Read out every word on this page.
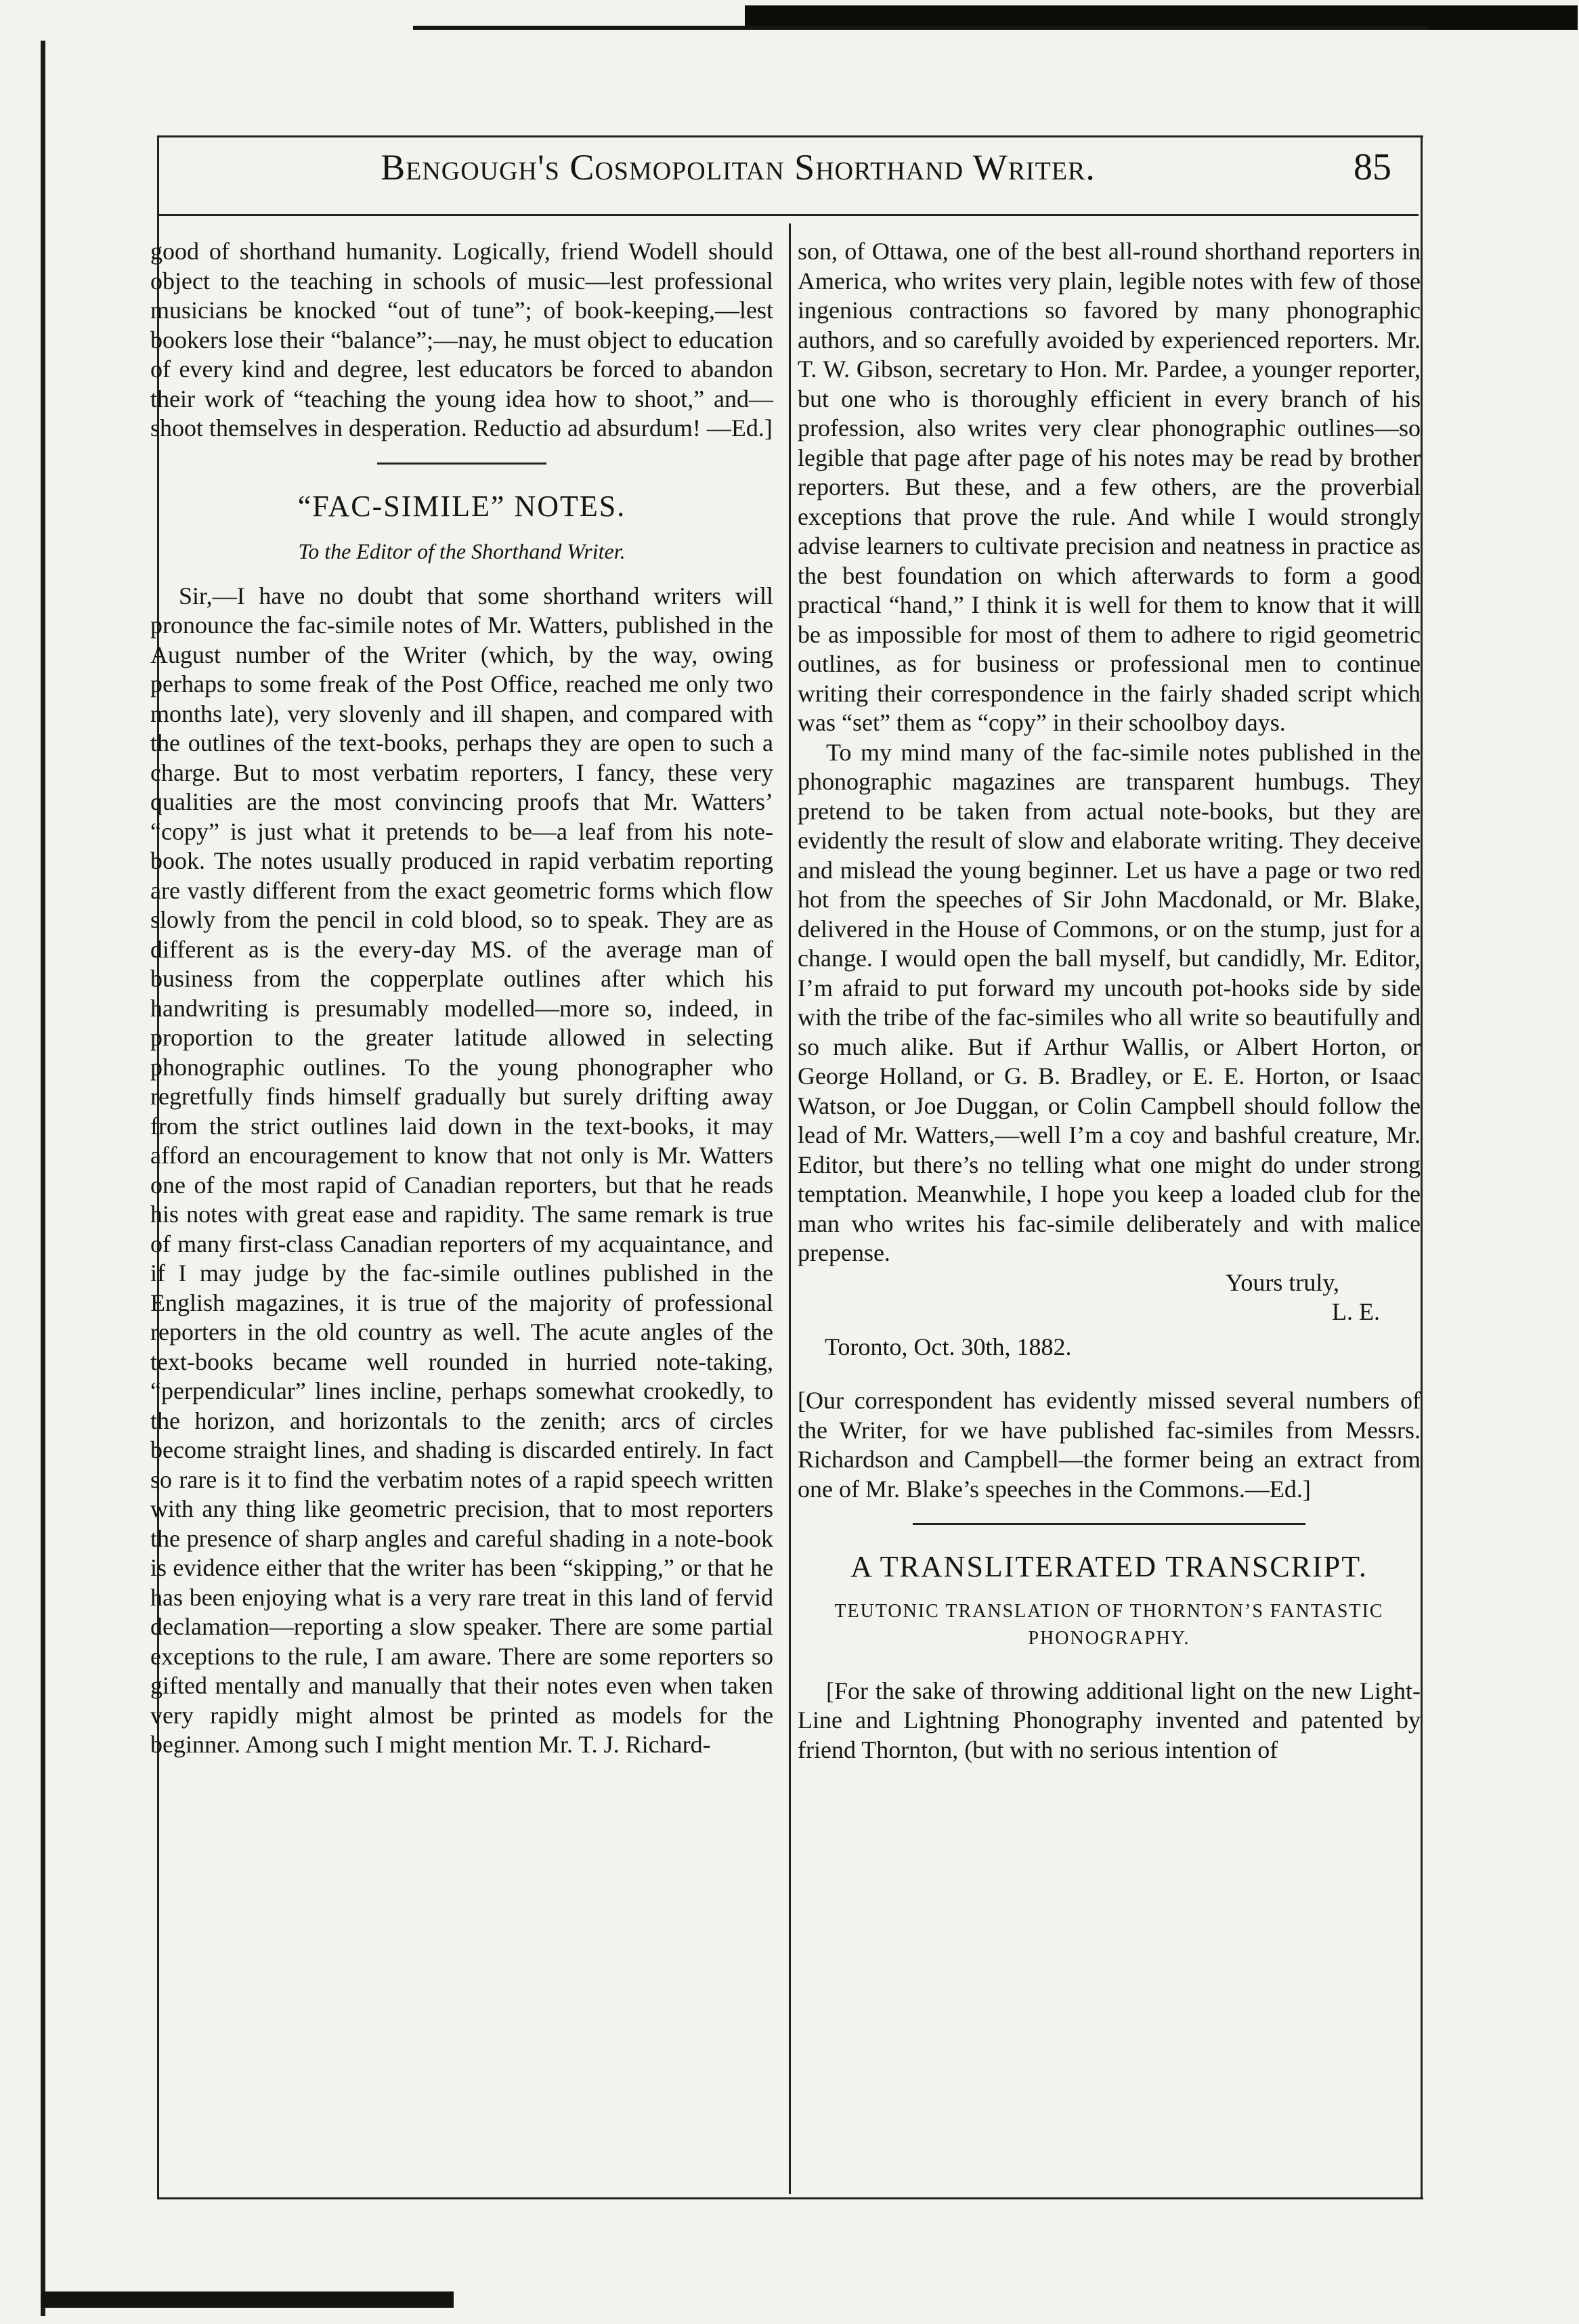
Bengough's Cosmopolitan Shorthand Writer.	85

good of shorthand humanity. Logically, friend Wodell should object to the teaching in schools of music—lest professional musicians be knocked “out of tune”; of book-keeping,—lest bookers lose their “balance”;—nay, he must object to education of every kind and degree, lest educators be forced to abandon their work of “teaching the young idea how to shoot,” and—shoot themselves in desperation. Reductio ad absurdum! —Ed.]

“FAC-SIMILE” NOTES.
To the Editor of the Shorthand Writer.

Sir,—I have no doubt that some shorthand writers will pronounce the fac-simile notes of Mr. Watters, published in the August number of the Writer (which, by the way, owing perhaps to some freak of the Post Office, reached me only two months late), very slovenly and ill shapen, and compared with the outlines of the text-books, perhaps they are open to such a charge. But to most verbatim reporters, I fancy, these very qualities are the most convincing proofs that Mr. Watters’ “copy” is just what it pretends to be—a leaf from his note-book. The notes usually produced in rapid verbatim reporting are vastly different from the exact geometric forms which flow slowly from the pencil in cold blood, so to speak. They are as different as is the every-day MS. of the average man of business from the copperplate outlines after which his handwriting is presumably modelled—more so, indeed, in proportion to the greater latitude allowed in selecting phonographic outlines. To the young phonographer who regretfully finds himself gradually but surely drifting away from the strict outlines laid down in the text-books, it may afford an encouragement to know that not only is Mr. Watters one of the most rapid of Canadian reporters, but that he reads his notes with great ease and rapidity. The same remark is true of many first-class Canadian reporters of my acquaintance, and if I may judge by the fac-simile outlines published in the English magazines, it is true of the majority of professional reporters in the old country as well. The acute angles of the text-books became well rounded in hurried note-taking, “perpendicular” lines incline, perhaps somewhat crookedly, to the horizon, and horizontals to the zenith; arcs of circles become straight lines, and shading is discarded entirely. In fact so rare is it to find the verbatim notes of a rapid speech written with any thing like geometric precision, that to most reporters the presence of sharp angles and careful shading in a note-book is evidence either that the writer has been “skipping,” or that he has been enjoying what is a very rare treat in this land of fervid declamation—reporting a slow speaker. There are some partial exceptions to the rule, I am aware. There are some reporters so gifted mentally and manually that their notes even when taken very rapidly might almost be printed as models for the beginner. Among such I might mention Mr. T. J. Richard-

son, of Ottawa, one of the best all-round shorthand reporters in America, who writes very plain, legible notes with few of those ingenious contractions so favored by many phonographic authors, and so carefully avoided by experienced reporters. Mr. T. W. Gibson, secretary to Hon. Mr. Pardee, a younger reporter, but one who is thoroughly efficient in every branch of his profession, also writes very clear phonographic outlines—so legible that page after page of his notes may be read by brother reporters. But these, and a few others, are the proverbial exceptions that prove the rule. And while I would strongly advise learners to cultivate precision and neatness in practice as the best foundation on which afterwards to form a good practical “hand,” I think it is well for them to know that it will be as impossible for most of them to adhere to rigid geometric outlines, as for business or professional men to continue writing their correspondence in the fairly shaded script which was “set” them as “copy” in their schoolboy days.

To my mind many of the fac-simile notes published in the phonographic magazines are transparent humbugs. They pretend to be taken from actual note-books, but they are evidently the result of slow and elaborate writing. They deceive and mislead the young beginner. Let us have a page or two red hot from the speeches of Sir John Macdonald, or Mr. Blake, delivered in the House of Commons, or on the stump, just for a change. I would open the ball myself, but candidly, Mr. Editor, I’m afraid to put forward my uncouth pot-hooks side by side with the tribe of the fac-similes who all write so beautifully and so much alike. But if Arthur Wallis, or Albert Horton, or George Holland, or G. B. Bradley, or E. E. Horton, or Isaac Watson, or Joe Duggan, or Colin Campbell should follow the lead of Mr. Watters,—well I’m a coy and bashful creature, Mr. Editor, but there’s no telling what one might do under strong temptation. Meanwhile, I hope you keep a loaded club for the man who writes his fac-simile deliberately and with malice prepense.

Yours truly,

L. E.

Toronto, Oct. 30th, 1882.

[Our correspondent has evidently missed several numbers of the Writer, for we have published fac-similes from Messrs. Richardson and Campbell—the former being an extract from one of Mr. Blake’s speeches in the Commons.—Ed.]

A TRANSLITERATED TRANSCRIPT.
TEUTONIC TRANSLATION OF THORNTON’S FANTASTIC PHONOGRAPHY.

[For the sake of throwing additional light on the new Light-Line and Lightning Phonography invented and patented by friend Thornton, (but with no serious intention of
